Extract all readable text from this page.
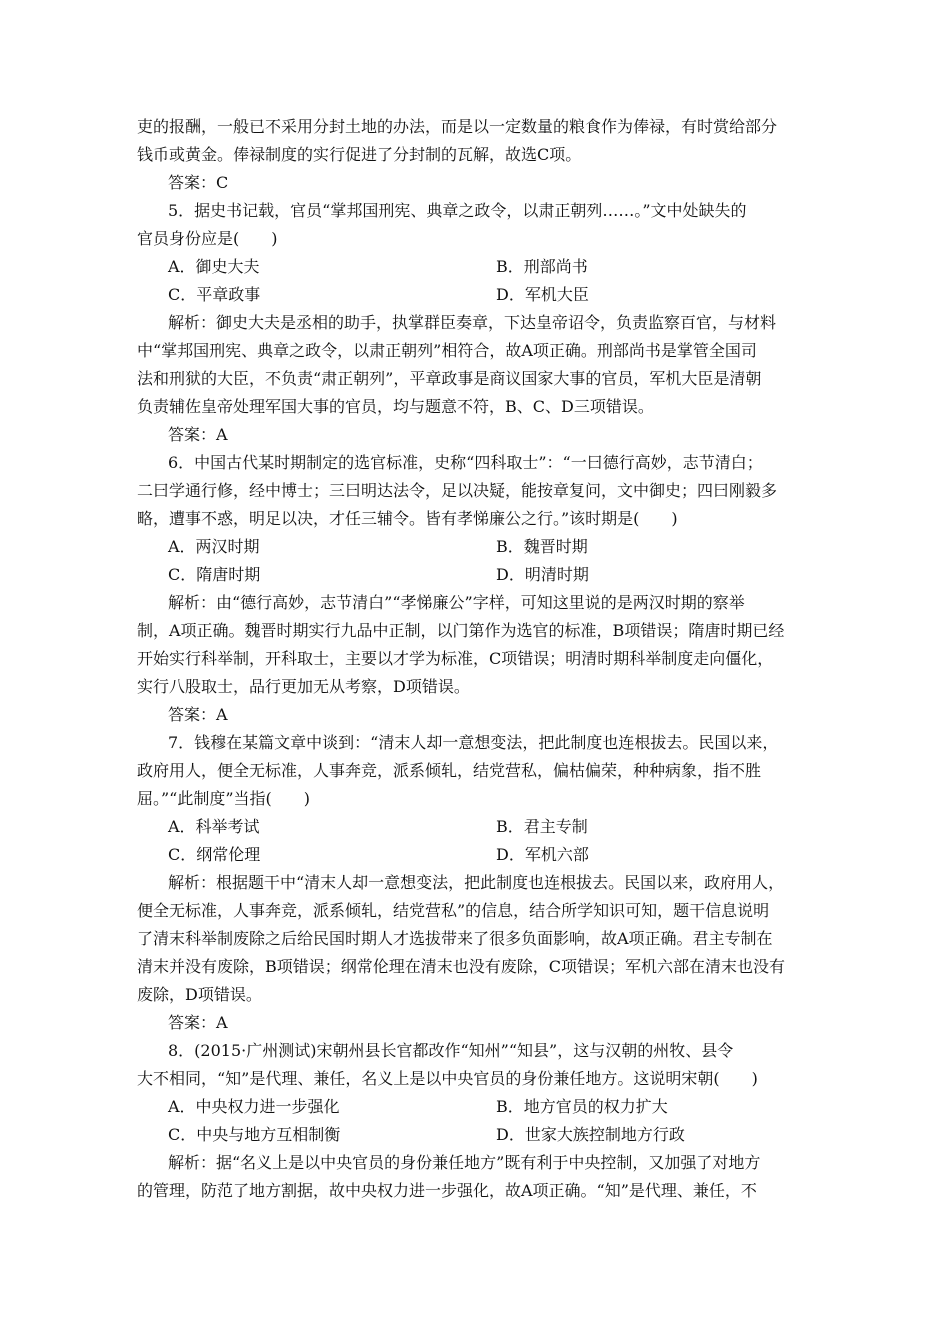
吏的报酬，一般已不采用分封土地的办法，而是以一定数量的粮食作为俸禄，有时赏给部分

钱币或黄金。俸禄制度的实行促进了分封制的瓦解，故选C项。

答案：C

5．据史书记载，官员“掌邦国刑宪、典章之政令，以肃正朝列……。”文中处缺失的

官员身份应是(　　)

A．御史大夫	B．刑部尚书
C．平章政事	D．军机大臣

解析：御史大夫是丞相的助手，执掌群臣奏章，下达皇帝诏令，负责监察百官，与材料

中“掌邦国刑宪、典章之政令，以肃正朝列”相符合，故A项正确。刑部尚书是掌管全国司

法和刑狱的大臣，不负责“肃正朝列”，平章政事是商议国家大事的官员，军机大臣是清朝

负责辅佐皇帝处理军国大事的官员，均与题意不符，B、C、D三项错误。

答案：A

6．中国古代某时期制定的选官标准，史称“四科取士”：“一曰德行高妙，志节清白；

二曰学通行修，经中博士；三曰明达法令，足以决疑，能按章复问，文中御史；四曰刚毅多

略，遭事不惑，明足以决，才任三辅令。皆有孝悌廉公之行。”该时期是(　　)

A．两汉时期	B．魏晋时期
C．隋唐时期	D．明清时期

解析：由“德行高妙，志节清白”“孝悌廉公”字样，可知这里说的是两汉时期的察举

制，A项正确。魏晋时期实行九品中正制，以门第作为选官的标准，B项错误；隋唐时期已经

开始实行科举制，开科取士，主要以才学为标准，C项错误；明清时期科举制度走向僵化，

实行八股取士，品行更加无从考察，D项错误。

答案：A

7．钱穆在某篇文章中谈到：“清末人却一意想变法，把此制度也连根拔去。民国以来，

政府用人，便全无标准，人事奔竞，派系倾轧，结党营私，偏枯偏荣，种种病象，指不胜

屈。”“此制度”当指(　　)

A．科举考试	B．君主专制
C．纲常伦理	D．军机六部

解析：根据题干中“清末人却一意想变法，把此制度也连根拔去。民国以来，政府用人，

便全无标准，人事奔竞，派系倾轧，结党营私”的信息，结合所学知识可知，题干信息说明

了清末科举制废除之后给民国时期人才选拔带来了很多负面影响，故A项正确。君主专制在

清末并没有废除，B项错误；纲常伦理在清末也没有废除，C项错误；军机六部在清末也没有

废除，D项错误。

答案：A

8．(2015·广州测试)宋朝州县长官都改作“知州”“知县”，这与汉朝的州牧、县令

大不相同，“知”是代理、兼任，名义上是以中央官员的身份兼任地方。这说明宋朝(　　)

A．中央权力进一步强化	B．地方官员的权力扩大
C．中央与地方互相制衡	D．世家大族控制地方行政

解析：据“名义上是以中央官员的身份兼任地方”既有利于中央控制，又加强了对地方

的管理，防范了地方割据，故中央权力进一步强化，故A项正确。“知”是代理、兼任，不
